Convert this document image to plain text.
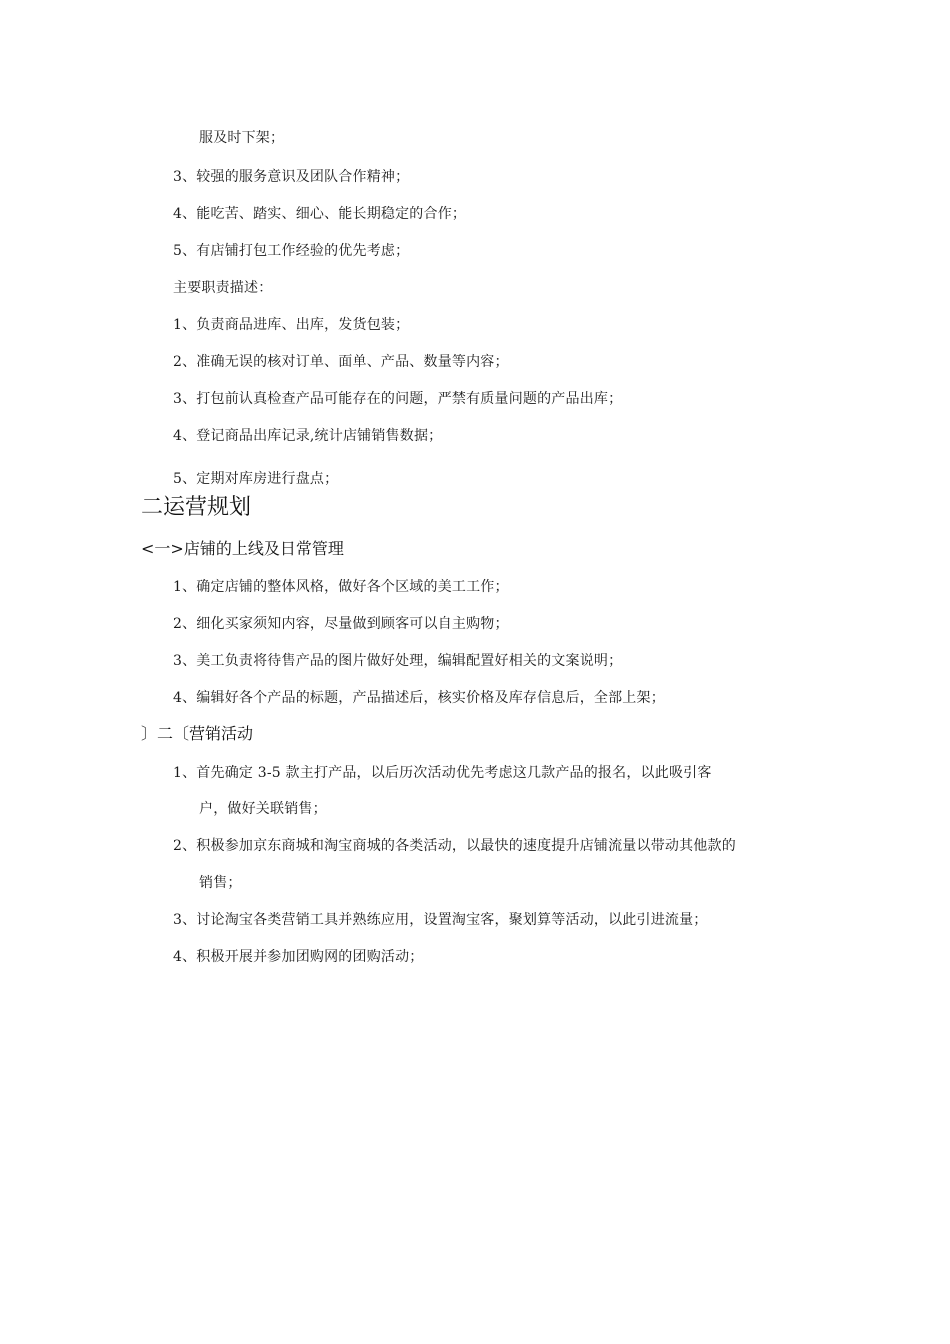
服及时下架；
3、较强的服务意识及团队合作精神；
4、能吃苦、踏实、细心、能长期稳定的合作；
5、有店铺打包工作经验的优先考虑；
主要职责描述：
1、负责商品进库、出库，发货包装；
2、准确无误的核对订单、面单、产品、数量等内容；
3、打包前认真检查产品可能存在的问题，严禁有质量问题的产品出库；
4、登记商品出库记录,统计店铺销售数据；
5、定期对库房进行盘点；
二运营规划
<一>店铺的上线及日常管理
1、确定店铺的整体风格，做好各个区域的美工工作；
2、细化买家须知内容，尽量做到顾客可以自主购物；
3、美工负责将待售产品的图片做好处理，编辑配置好相关的文案说明；
4、编辑好各个产品的标题，产品描述后，核实价格及库存信息后，全部上架；
〕二〔营销活动
1、首先确定 3-5 款主打产品，以后历次活动优先考虑这几款产品的报名，以此吸引客
户，做好关联销售；
2、积极参加京东商城和淘宝商城的各类活动，以最快的速度提升店铺流量以带动其他款的
销售；
3、讨论淘宝各类营销工具并熟练应用，设置淘宝客，聚划算等活动，以此引进流量；
4、积极开展并参加团购网的团购活动；
